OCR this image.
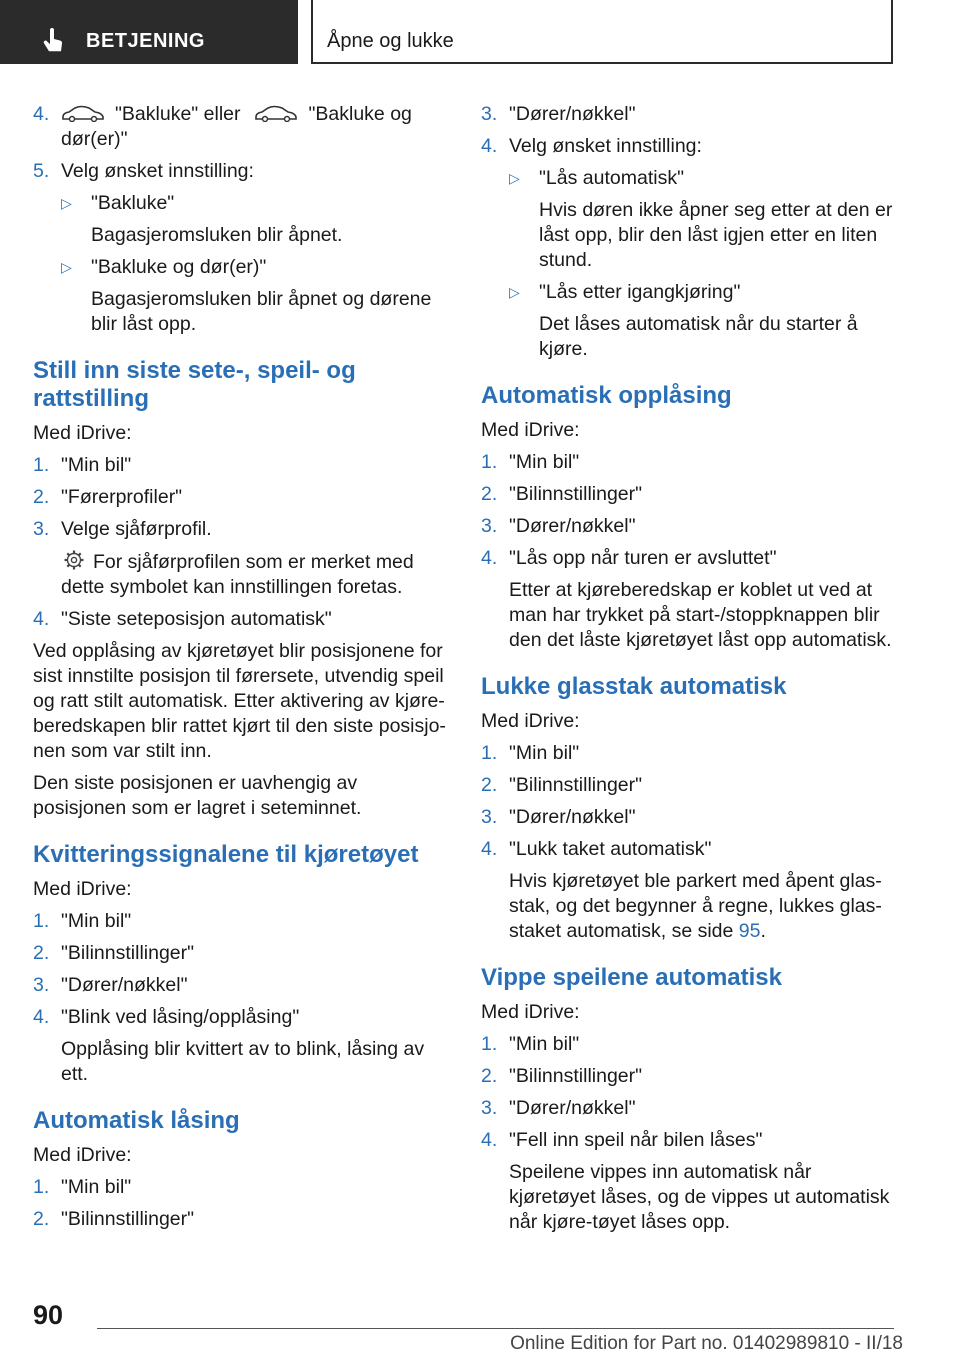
BETJENING	Åpne og lukke
4.	"Bakluke" eller	"Bakluke og dør(er)"
5. Velg ønsket innstilling:
▷ "Bakluke"
Bagasjeromsluken blir åpnet.
▷ "Bakluke og dør(er)"
Bagasjeromsluken blir åpnet og dørene blir låst opp.
Still inn siste sete-, speil- og rattstilling
Med iDrive:
1. "Min bil"
2. "Førerprofiler"
3. Velge sjåførprofil.
For sjåførprofilen som er merket med dette symbolet kan innstillingen foretas.
4. "Siste seteposisjon automatisk"
Ved opplåsing av kjøretøyet blir posisjonene for sist innstilte posisjon til førersete, utvendig speil og ratt stilt automatisk. Etter aktivering av kjøre-beredskapen blir rattet kjørt til den siste posisjo-nen som var stilt inn.
Den siste posisjonen er uavhengig av posisjonen som er lagret i seteminnet.
Kvitteringssignalene til kjøretøyet
Med iDrive:
1. "Min bil"
2. "Bilinnstillinger"
3. "Dører/nøkkel"
4. "Blink ved låsing/opplåsing"
Opplåsing blir kvittert av to blink, låsing av ett.
Automatisk låsing
Med iDrive:
1. "Min bil"
2. "Bilinnstillinger"
3. "Dører/nøkkel"
4. Velg ønsket innstilling:
▷ "Lås automatisk"
Hvis døren ikke åpner seg etter at den er låst opp, blir den låst igjen etter en liten stund.
▷ "Lås etter igangkjøring"
Det låses automatisk når du starter å kjøre.
Automatisk opplåsing
Med iDrive:
1. "Min bil"
2. "Bilinnstillinger"
3. "Dører/nøkkel"
4. "Lås opp når turen er avsluttet"
Etter at kjøreberedskap er koblet ut ved at man har trykket på start-/stoppknappen blir den det låste kjøretøyet låst opp automatisk.
Lukke glasstak automatisk
Med iDrive:
1. "Min bil"
2. "Bilinnstillinger"
3. "Dører/nøkkel"
4. "Lukk taket automatisk"
Hvis kjøretøyet ble parkert med åpent glas-stak, og det begynner å regne, lukkes glas-staket automatisk, se side 95.
Vippe speilene automatisk
Med iDrive:
1. "Min bil"
2. "Bilinnstillinger"
3. "Dører/nøkkel"
4. "Fell inn speil når bilen låses"
Speilene vippes inn automatisk når kjøretøyet låses, og de vippes ut automatisk når kjøre-tøyet låses opp.
90
Online Edition for Part no. 01402989810 - II/18
